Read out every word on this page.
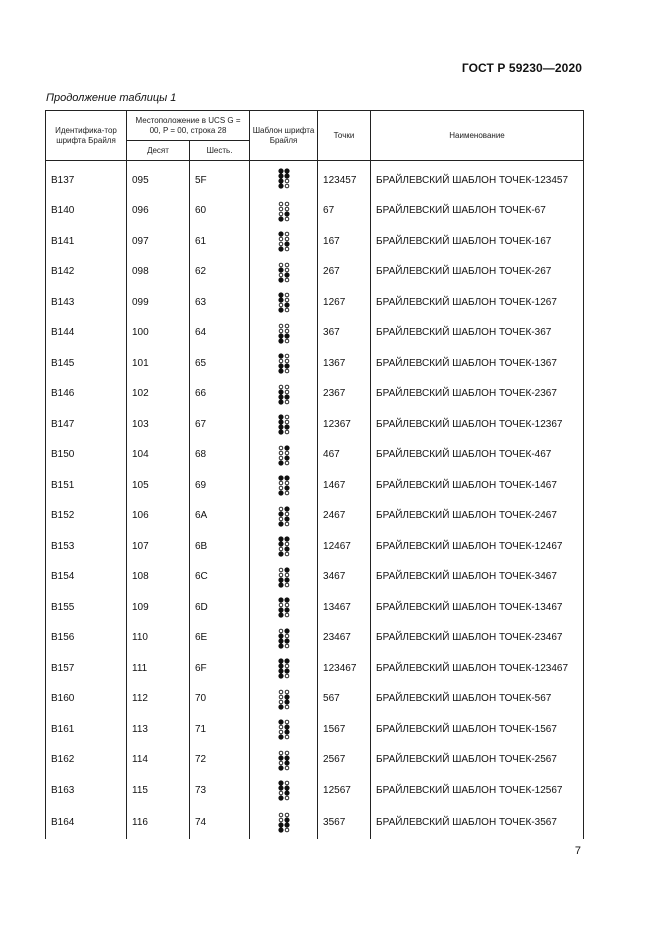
ГОСТ Р 59230—2020
Продолжение таблицы 1
Идентифика-тор шрифта Брайля	Местоположение в UCS G = 00, P = 00, строка 28		Шаблон шрифта Брайля	Точки	Наименование
	Десят	Шесть.			
B137	095	5F		123457	БРАЙЛЕВСКИЙ ШАБЛОН ТОЧЕК-123457
B140	096	60		67	БРАЙЛЕВСКИЙ ШАБЛОН ТОЧЕК-67
B141	097	61		167	БРАЙЛЕВСКИЙ ШАБЛОН ТОЧЕК-167
B142	098	62		267	БРАЙЛЕВСКИЙ ШАБЛОН ТОЧЕК-267
B143	099	63		1267	БРАЙЛЕВСКИЙ ШАБЛОН ТОЧЕК-1267
B144	100	64		367	БРАЙЛЕВСКИЙ ШАБЛОН ТОЧЕК-367
B145	101	65		1367	БРАЙЛЕВСКИЙ ШАБЛОН ТОЧЕК-1367
B146	102	66		2367	БРАЙЛЕВСКИЙ ШАБЛОН ТОЧЕК-2367
B147	103	67		12367	БРАЙЛЕВСКИЙ ШАБЛОН ТОЧЕК-12367
B150	104	68		467	БРАЙЛЕВСКИЙ ШАБЛОН ТОЧЕК-467
B151	105	69		1467	БРАЙЛЕВСКИЙ ШАБЛОН ТОЧЕК-1467
B152	106	6A		2467	БРАЙЛЕВСКИЙ ШАБЛОН ТОЧЕК-2467
B153	107	6B		12467	БРАЙЛЕВСКИЙ ШАБЛОН ТОЧЕК-12467
B154	108	6C		3467	БРАЙЛЕВСКИЙ ШАБЛОН ТОЧЕК-3467
B155	109	6D		13467	БРАЙЛЕВСКИЙ ШАБЛОН ТОЧЕК-13467
B156	110	6E		23467	БРАЙЛЕВСКИЙ ШАБЛОН ТОЧЕК-23467
B157	111	6F		123467	БРАЙЛЕВСКИЙ ШАБЛОН ТОЧЕК-123467
B160	112	70		567	БРАЙЛЕВСКИЙ ШАБЛОН ТОЧЕК-567
B161	113	71		1567	БРАЙЛЕВСКИЙ ШАБЛОН ТОЧЕК-1567
B162	114	72		2567	БРАЙЛЕВСКИЙ ШАБЛОН ТОЧЕК-2567
B163	115	73		12567	БРАЙЛЕВСКИЙ ШАБЛОН ТОЧЕК-12567
B164	116	74		3567	БРАЙЛЕВСКИЙ ШАБЛОН ТОЧЕК-3567

7
